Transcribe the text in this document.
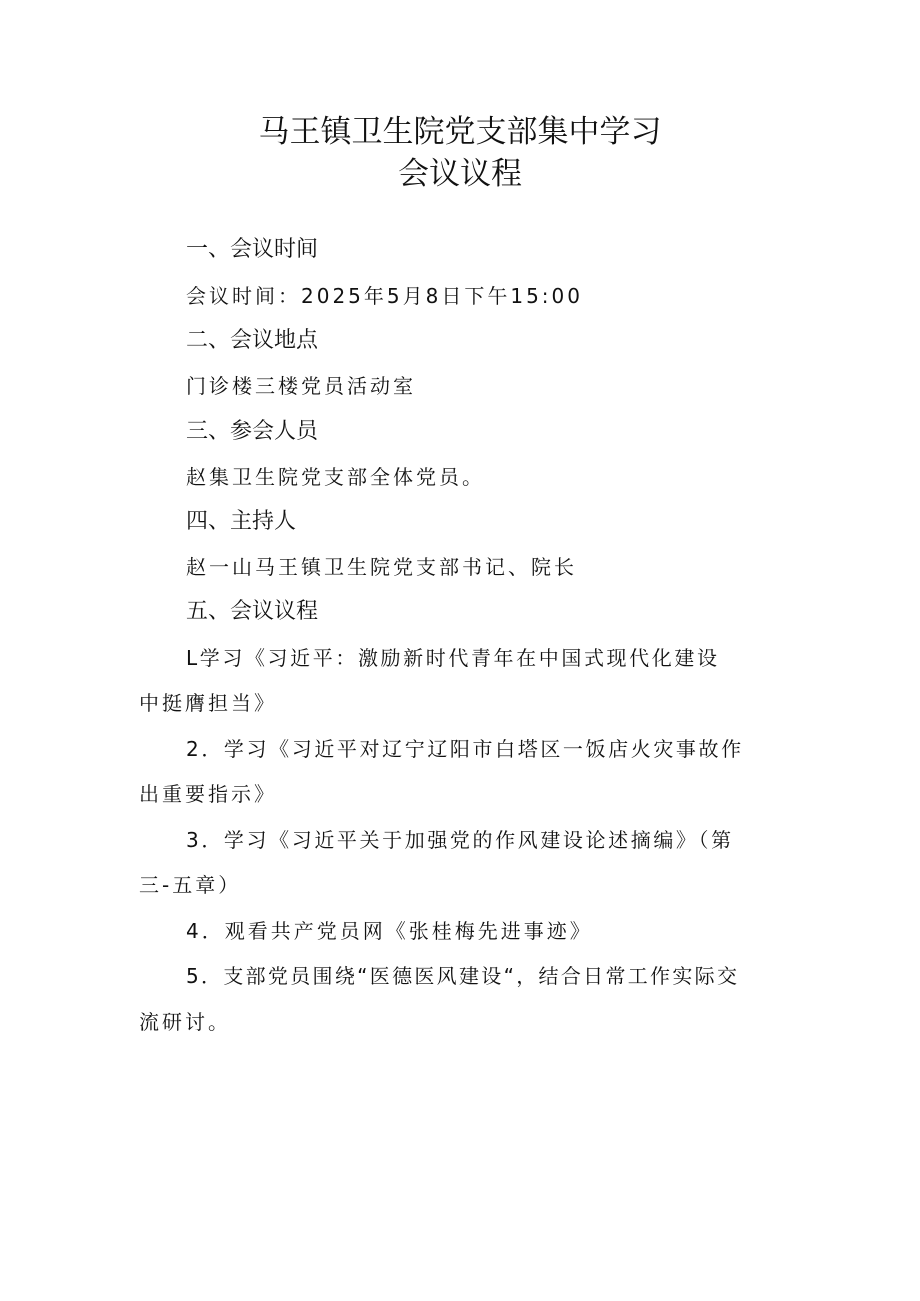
马王镇卫生院党支部集中学习
会议议程
一、会议时间
会议时间：2025年5月8日下午15:00
二、会议地点
门诊楼三楼党员活动室
三、参会人员
赵集卫生院党支部全体党员。
四、主持人
赵一山马王镇卫生院党支部书记、院长
五、会议议程
L学习《习近平：激励新时代青年在中国式现代化建设
中挺膺担当》
2．学习《习近平对辽宁辽阳市白塔区一饭店火灾事故作
出重要指示》
3．学习《习近平关于加强党的作风建设论述摘编》（第
三-五章）
4．观看共产党员网《张桂梅先进事迹》
5．支部党员围绕“医德医风建设“，结合日常工作实际交
流研讨。
